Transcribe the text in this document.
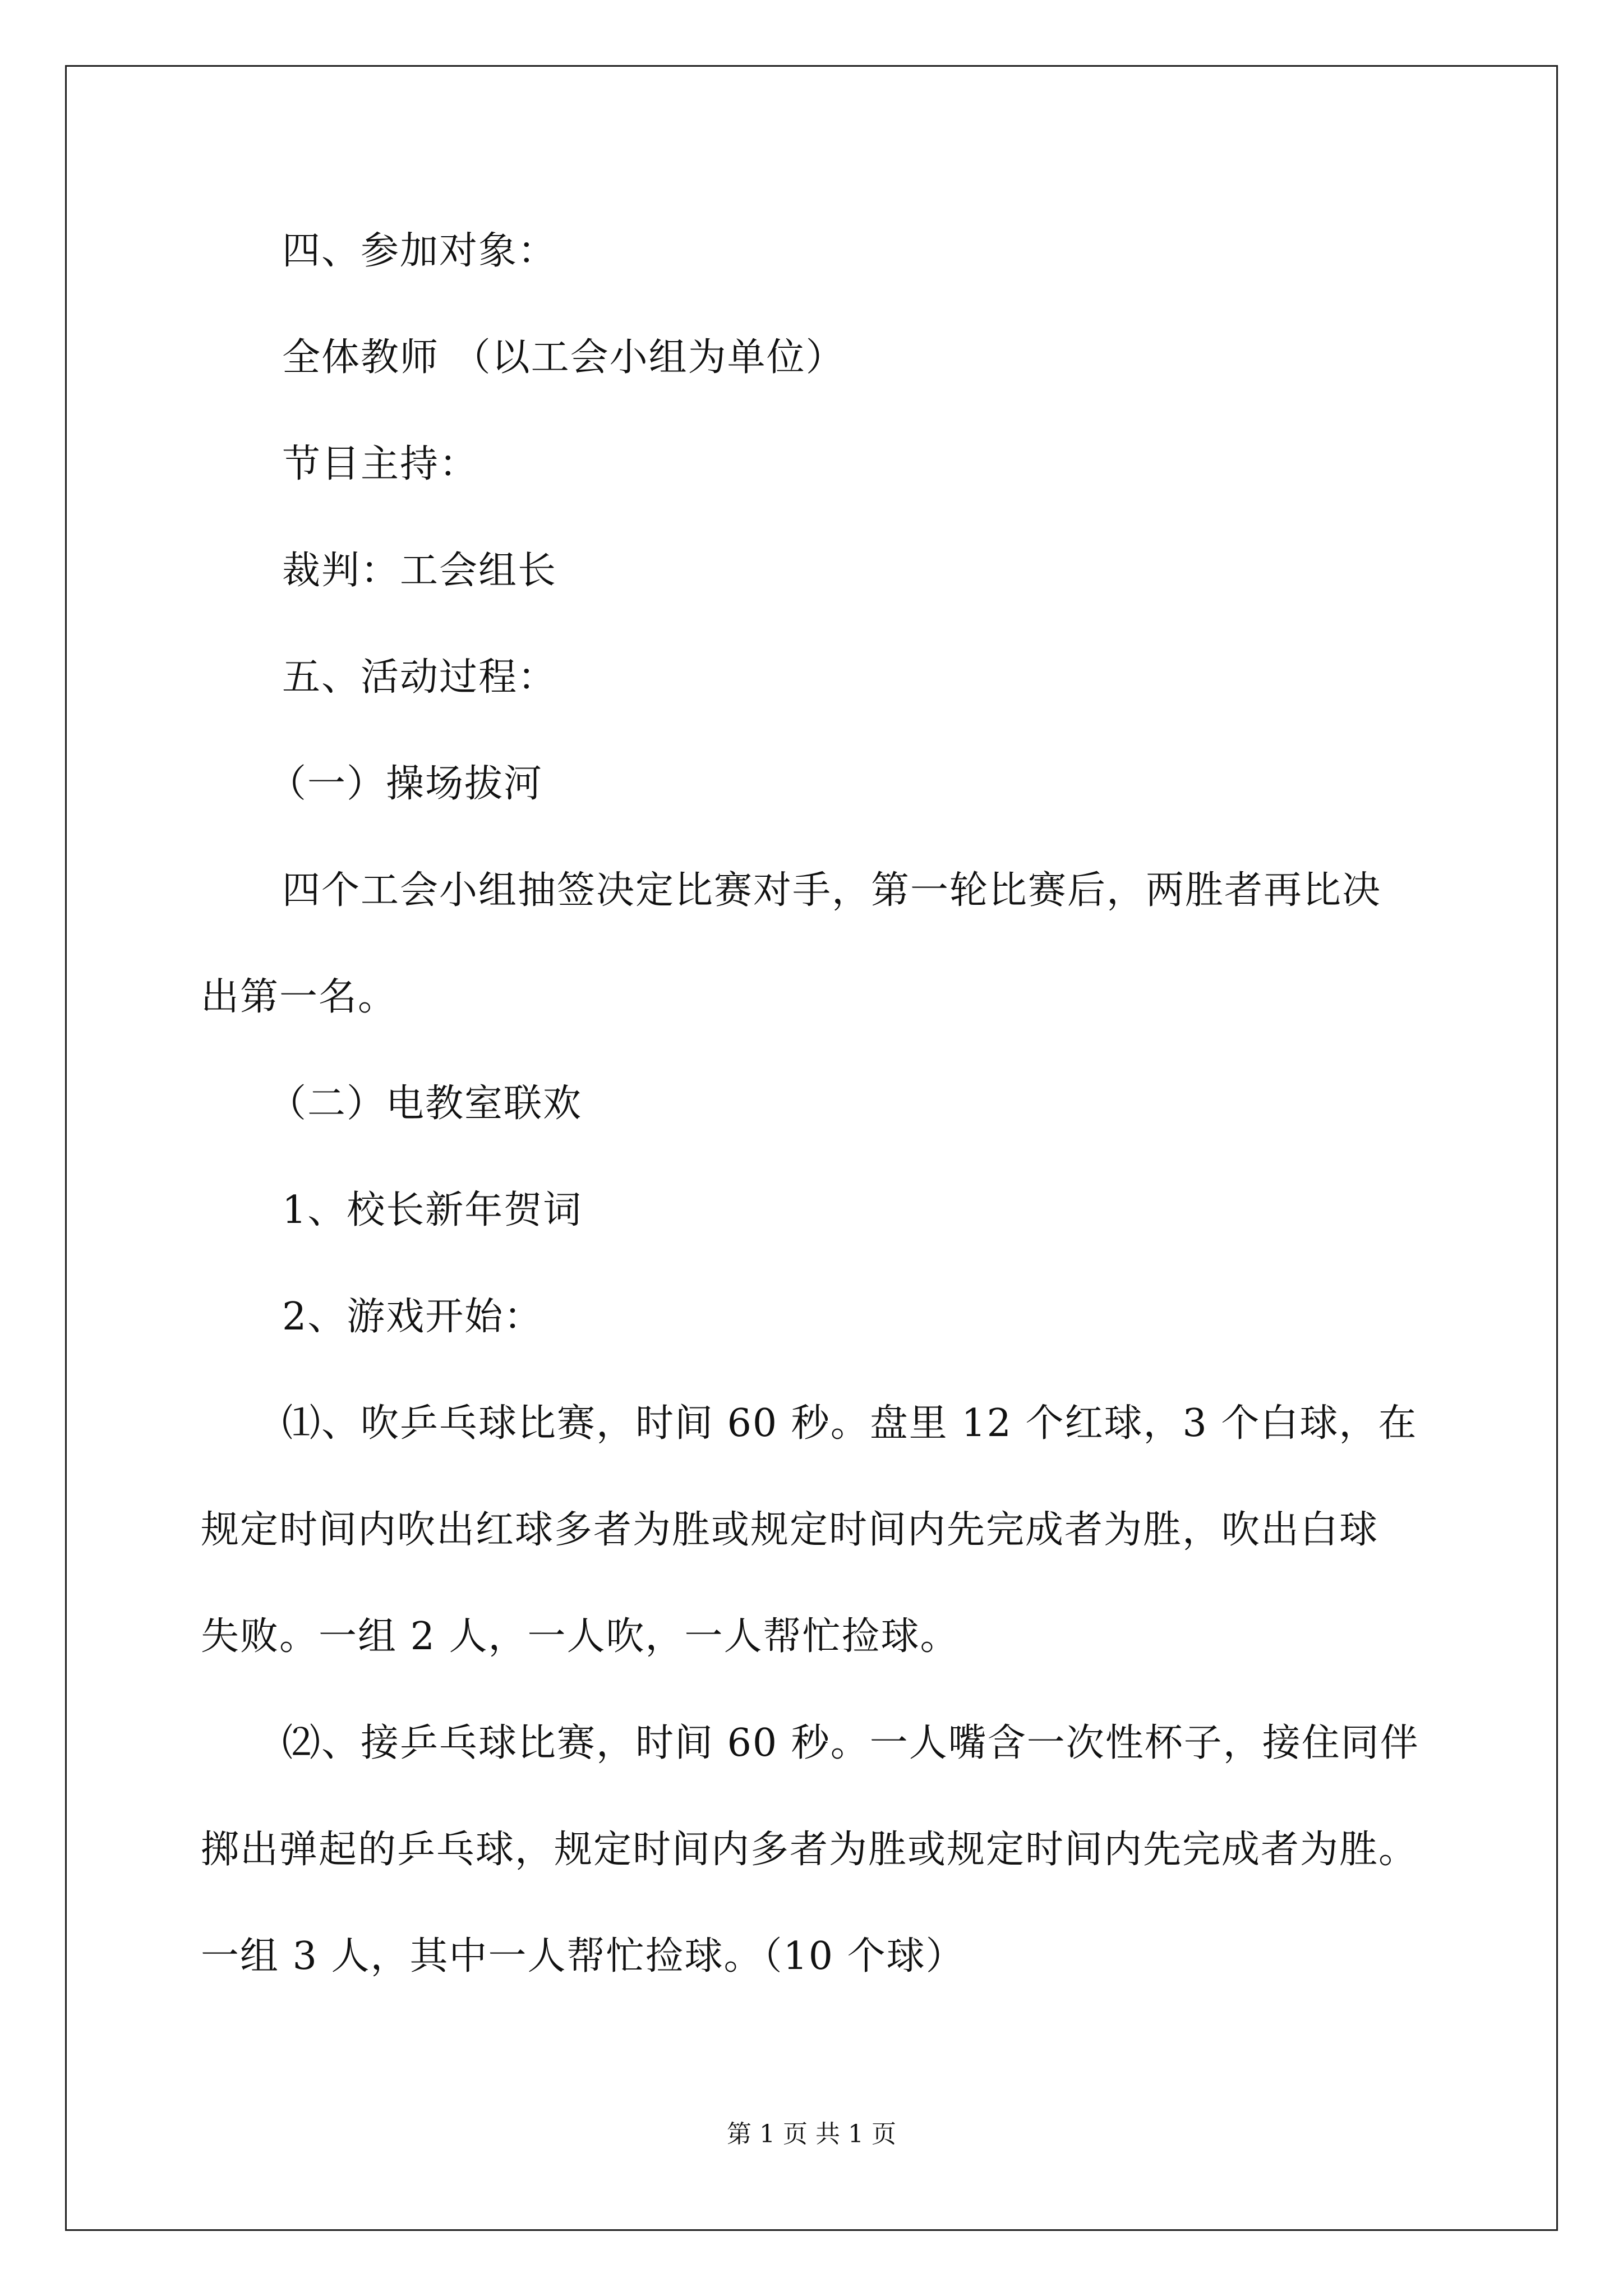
四、参加对象：
全体教师 （以工会小组为单位）
节目主持：
裁判：工会组长
五、活动过程：
（一）操场拔河
四个工会小组抽签决定比赛对手，第一轮比赛后，两胜者再比决
出第一名。
（二）电教室联欢
1、校长新年贺词
2、游戏开始：
⑴、吹乒乓球比赛，时间 60 秒。盘里 12 个红球，3 个白球，在
规定时间内吹出红球多者为胜或规定时间内先完成者为胜，吹出白球
失败。一组 2 人，一人吹，一人帮忙捡球。
⑵、接乒乓球比赛，时间 60 秒。一人嘴含一次性杯子，接住同伴
掷出弹起的乒乓球，规定时间内多者为胜或规定时间内先完成者为胜。
一组 3 人，其中一人帮忙捡球。（10 个球）
第 1 页 共 1 页
